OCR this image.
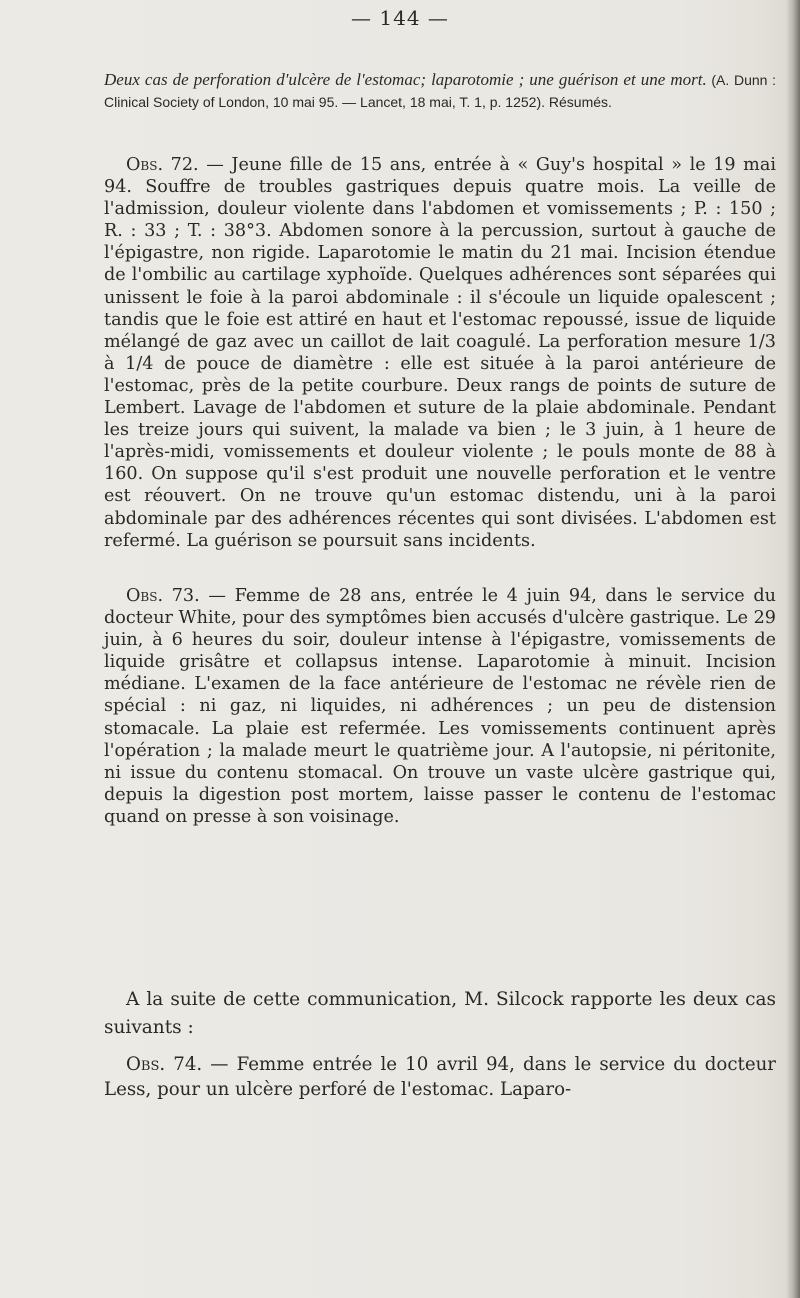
— 144 —

Deux cas de perforation d'ulcère de l'estomac; laparotomie ; une guérison et une mort. (A. Dunn : Clinical Society of London, 10 mai 95. — Lancet, 18 mai, T. 1, p. 1252). Résumés.

Obs. 72. — Jeune fille de 15 ans, entrée à « Guy's hospital » le 19 mai 94. Souffre de troubles gastriques depuis quatre mois. La veille de l'admission, douleur violente dans l'abdomen et vomissements ; P. : 150 ; R. : 33 ; T. : 38°3. Abdomen sonore à la percussion, surtout à gauche de l'épigastre, non rigide. Laparotomie le matin du 21 mai. Incision étendue de l'ombilic au cartilage xyphoïde. Quelques adhérences sont séparées qui unissent le foie à la paroi abdominale : il s'écoule un liquide opalescent ; tandis que le foie est attiré en haut et l'estomac repoussé, issue de liquide mélangé de gaz avec un caillot de lait coagulé. La perforation mesure 1/3 à 1/4 de pouce de diamètre : elle est située à la paroi antérieure de l'estomac, près de la petite courbure. Deux rangs de points de suture de Lembert. Lavage de l'abdomen et suture de la plaie abdominale. Pendant les treize jours qui suivent, la malade va bien ; le 3 juin, à 1 heure de l'après-midi, vomissements et douleur violente ; le pouls monte de 88 à 160. On suppose qu'il s'est produit une nouvelle perforation et le ventre est réouvert. On ne trouve qu'un estomac distendu, uni à la paroi abdominale par des adhérences récentes qui sont divisées. L'abdomen est refermé. La guérison se poursuit sans incidents.

Obs. 73. — Femme de 28 ans, entrée le 4 juin 94, dans le service du docteur White, pour des symptômes bien accusés d'ulcère gastrique. Le 29 juin, à 6 heures du soir, douleur intense à l'épigastre, vomissements de liquide grisâtre et collapsus intense. Laparotomie à minuit. Incision médiane. L'examen de la face antérieure de l'estomac ne révèle rien de spécial : ni gaz, ni liquides, ni adhérences ; un peu de distension stomacale. La plaie est refermée. Les vomissements continuent après l'opération ; la malade meurt le quatrième jour. A l'autopsie, ni péritonite, ni issue du contenu stomacal. On trouve un vaste ulcère gastrique qui, depuis la digestion post mortem, laisse passer le contenu de l'estomac quand on presse à son voisinage.

A la suite de cette communication, M. Silcock rapporte les deux cas suivants :

Obs. 74. — Femme entrée le 10 avril 94, dans le service du docteur Less, pour un ulcère perforé de l'estomac. Laparo-
